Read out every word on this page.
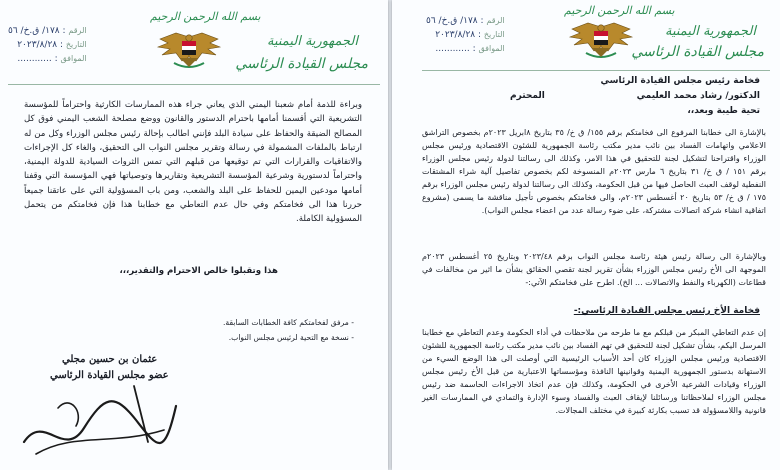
بسم الله الرحمن الرحيم
الجمهورية اليمنية
مجلس القيادة الرئاسي
الرقم : ١٧٨/ ق.خ/ ٥٦
التاريخ : ٢٠٢٣/٨/٢٨
الموافق : ............
وبراءة للذمة أمام شعبنا اليمني الذي يعاني جراء هذه الممارسات الكارثية واحتراماً للمؤسسة التشريعية التي أقسمنا أمامها باحترام الدستور والقانون ووضع مصلحة الشعب اليمني فوق كل المصالح الضيقة والحفاظ على سيادة البلد فإنني اطالب بإحالة رئيس مجلس الوزراء وكل من له ارتباط بالملفات المشمولة في رسالة وتقرير مجلس النواب الى التحقيق، والغاء كل الإجراءات والاتفاقيات والقرارات التي تم توقيعها من قبلهم التي تمس الثروات السيادية للدولة اليمنية، واحتراماً لدستورية وشرعية المؤسسة التشريعية وتقاريرها وتوصياتها فهي المؤسسة التي وقفنا أمامها مودعين اليمين للحفاظ على البلد والشعب، ومن باب المسؤولية التي على عاتقنا جميعاً حررنا هذا الى فخامتكم وفي حال عدم التعاطي مع خطابنا هذا فإن فخامتكم من يتحمل المسؤولية الكاملة.
هذا وتقبلوا خالص الاحترام والتقدير،،،
- مرفق لفخامتكم كافة الخطابات السابقة.
- نسخة مع التحية لرئيس مجلس النواب.
عثمان بن حسين مجلي
عضو مجلس القيادة الرئاسي
بسم الله الرحمن الرحيم
الجمهورية اليمنية
مجلس القيادة الرئاسي
الرقم : ١٧٨/ ق.خ/ ٥٦
التاريخ : ٢٠٢٣/٨/٢٨
الموافق : ............
فخامة رئيس مجلس القيادة الرئاسي
الدكتور/ رشاد محمد العليمي
المحترم
تحية طيبة وبعد،،
بالإشارة الى خطابنا المرفوع الى فخامتكم برقم ١٥٥/ ق خ/ ٣٥ بتاريخ ٨ابريل ٢٠٢٣م بخصوص التراشق الاعلامي واتهامات الفساد بين نائب مدير مكتب رئاسة الجمهورية للشئون الاقتصادية ورئيس مجلس الوزراء واقتراحنا لتشكيل لجنة للتحقيق في هذا الامر، وكذلك الى رسالتنا لدولة رئيس مجلس الوزراء برقم ١٥١ / ق خ/ ٣١ بتاريخ ٦ مارس ٢٠٢٣م المنسوخة لكم بخصوص تفاصيل آلية شراء المشتقات النفطية لوقف العبث الحاصل فيها من قبل الحكومة، وكذلك الى رسالتنا لدولة رئيس مجلس الوزراء برقم ١٧٥ / ق خ/ ٥٣ بتاريخ ٢٠ أغسطس ٢٠٢٣م، والى فخامتكم بخصوص تأجيل مناقشة ما يسمى (مشروع اتفاقية انشاء شركة اتصالات مشتركة، على ضوء رسالة عدد من اعضاء مجلس النواب).
وبالإشارة الى رسالة رئيس هيئة رئاسة مجلس النواب برقم ٢٠٢٣/٤٨ وبتاريخ ٢٥ أغسطس ٢٠٢٣م الموجهة الى الأخ رئيس مجلس الوزراء بشأن تقرير لجنة تقصي الحقائق بشأن ما اثير من مخالفات في قطاعات (الكهرباء والنفط والاتصالات ... الخ). اطرح على فخامتكم الآتي:-
فخامة الأخ رئيس مجلس القيادة الرئاسي:-
إن عدم التعاطي المبكر من قبلكم مع ما طرحه من ملاحظات في أداء الحكومة وعدم التعاطي مع خطابنا المرسل اليكم، بشأن تشكيل لجنة للتحقيق في تهم الفساد بين نائب مدير مكتب رئاسة الجمهورية للشئون الاقتصادية ورئيس مجلس الوزراء كان أحد الأسباب الرئيسية التي أوصلت الى هذا الوضع السيء من الاستهانة بدستور الجمهورية اليمنية وقوانينها النافذة ومؤسساتها الاعتبارية من قبل الأخ رئيس مجلس الوزراء وقيادات الشرعية الأخرى في الحكومة، وكذلك فإن عدم اتخاذ الاجراءات الحاسمة ضد رئيس مجلس الوزراء لملاحظاتنا ورسائلنا لإيقاف العبث والفساد وسوء الإدارة والتمادي في الممارسات الغير قانونية واللامسؤولة قد تسبب بكارثة كبيرة في مختلف المجالات.
